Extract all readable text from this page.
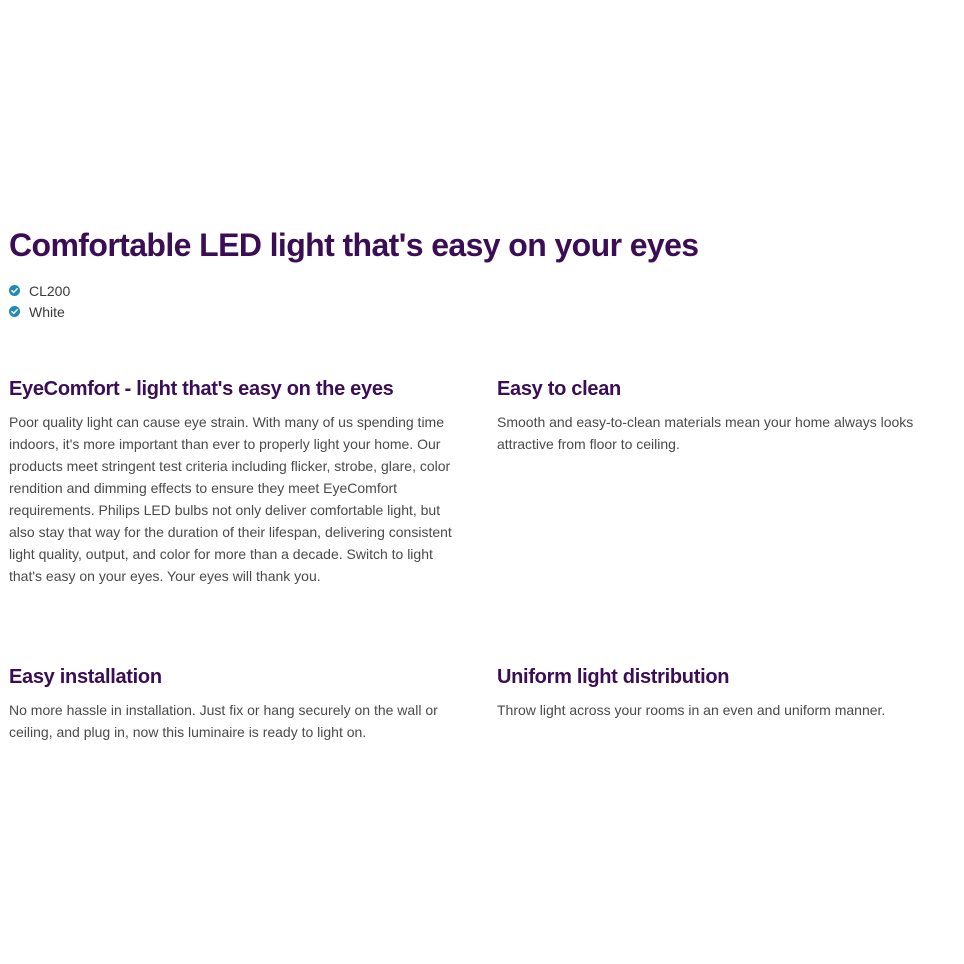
Comfortable LED light that's easy on your eyes
CL200
White
EyeComfort - light that's easy on the eyes

Poor quality light can cause eye strain. With many of us spending time indoors, it's more important than ever to properly light your home. Our products meet stringent test criteria including flicker, strobe, glare, color rendition and dimming effects to ensure they meet EyeComfort requirements. Philips LED bulbs not only deliver comfortable light, but also stay that way for the duration of their lifespan, delivering consistent light quality, output, and color for more than a decade. Switch to light that's easy on your eyes. Your eyes will thank you.

Easy to clean

Smooth and easy-to-clean materials mean your home always looks attractive from floor to ceiling.

Easy installation

No more hassle in installation. Just fix or hang securely on the wall or ceiling, and plug in, now this luminaire is ready to light on.

Uniform light distribution

Throw light across your rooms in an even and uniform manner.
